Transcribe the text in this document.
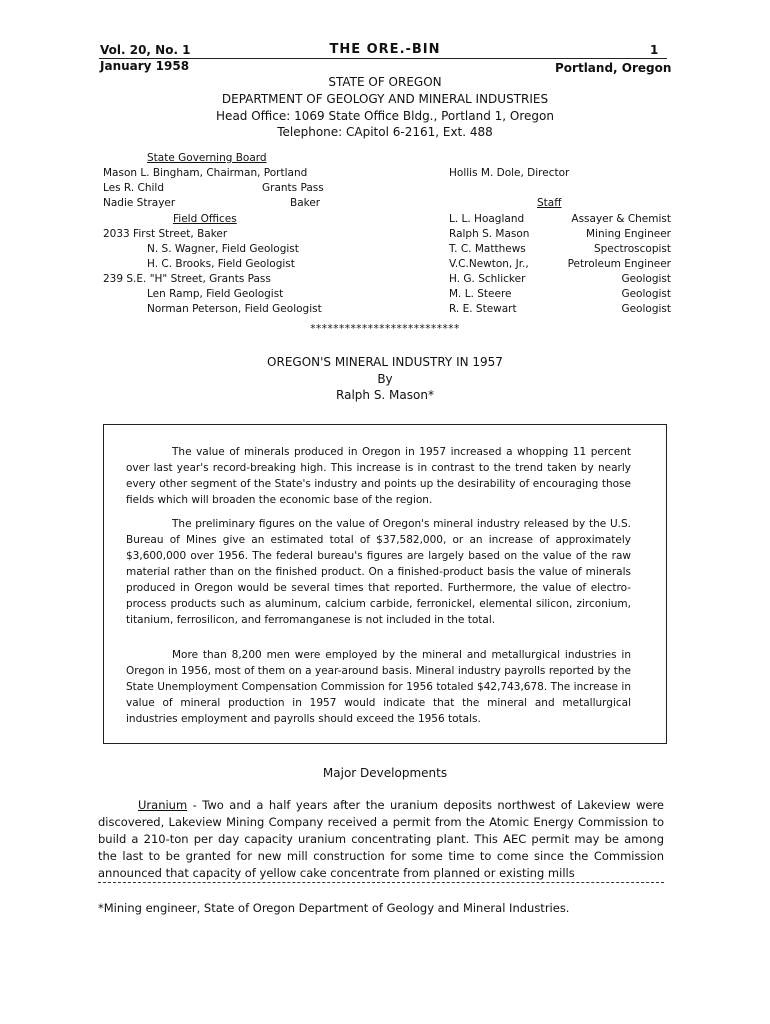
Vol. 20, No. 1	THE ORE.-BIN	1
January 1958	Portland, Oregon
STATE OF OREGON
DEPARTMENT OF GEOLOGY AND MINERAL INDUSTRIES
Head Office: 1069 State Office Bldg., Portland 1, Oregon
Telephone: CApitol 6-2161, Ext. 488
State Governing Board
Mason L. Bingham, Chairman, Portland
Les R. Child	Grants Pass
Nadie Strayer	Baker
Field Offices
2033 First Street, Baker
N. S. Wagner, Field Geologist
H. C. Brooks, Field Geologist
239 S.E. "H" Street, Grants Pass
Len Ramp, Field Geologist
Norman Peterson, Field Geologist
Hollis M. Dole, Director
Staff
L. L. Hoagland	Assayer & Chemist
Ralph S. Mason	Mining Engineer
T. C. Matthews	Spectroscopist
V.C.Newton, Jr.,	Petroleum Engineer
H. G. Schlicker	Geologist
M. L. Steere	Geologist
R. E. Stewart	Geologist
**************************
OREGON'S MINERAL INDUSTRY IN 1957
By
Ralph S. Mason*

The value of minerals produced in Oregon in 1957 increased a whopping 11 percent over last year's record-breaking high. This increase is in contrast to the trend taken by nearly every other segment of the State's industry and points up the desirability of encouraging those fields which will broaden the economic base of the region.

The preliminary figures on the value of Oregon's mineral industry released by the U.S. Bureau of Mines give an estimated total of $37,582,000, or an increase of approximately $3,600,000 over 1956. The federal bureau's figures are largely based on the value of the raw material rather than on the finished product. On a finished-product basis the value of minerals produced in Oregon would be several times that reported. Furthermore, the value of electro-process products such as aluminum, calcium carbide, ferronickel, elemental silicon, zirconium, titanium, ferrosilicon, and ferromanganese is not included in the total.

More than 8,200 men were employed by the mineral and metallurgical industries in Oregon in 1956, most of them on a year-around basis. Mineral industry payrolls reported by the State Unemployment Compensation Commission for 1956 totaled $42,743,678. The increase in value of mineral production in 1957 would indicate that the mineral and metallurgical industries employment and payrolls should exceed the 1956 totals.

Major Developments

Uranium - Two and a half years after the uranium deposits northwest of Lakeview were discovered, Lakeview Mining Company received a permit from the Atomic Energy Commission to build a 210-ton per day capacity uranium concentrating plant. This AEC permit may be among the last to be granted for new mill construction for some time to come since the Commission announced that capacity of yellow cake concentrate from planned or existing mills

*Mining engineer, State of Oregon Department of Geology and Mineral Industries.
